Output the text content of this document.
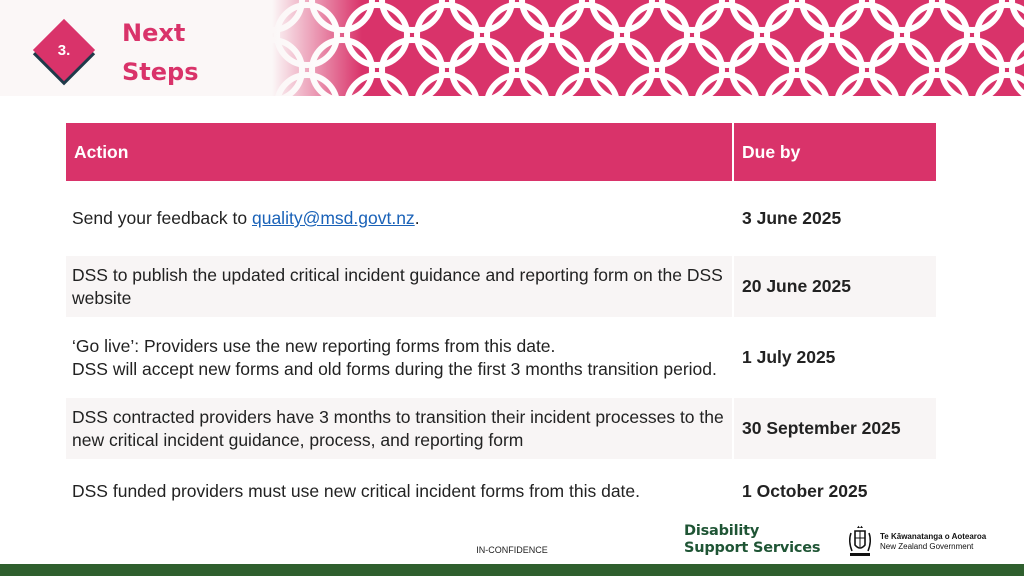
3.
Next
Steps
Action	Due by
Send your feedback to quality@msd.govt.nz.	3 June 2025
DSS to publish the updated critical incident guidance and reporting form on the DSS website	20 June 2025

‘Go live’: Providers use the new reporting forms from this date.
DSS will accept new forms and old forms during the first 3 months transition period.	1 July 2025
DSS contracted providers have 3 months to transition their incident processes to the new critical incident guidance, process, and reporting form	30 September 2025
DSS funded providers must use new critical incident forms from this date.	1 October 2025
IN-CONFIDENCE
Disability
Support Services
Te Kāwanatanga o Aotearoa
New Zealand Government
